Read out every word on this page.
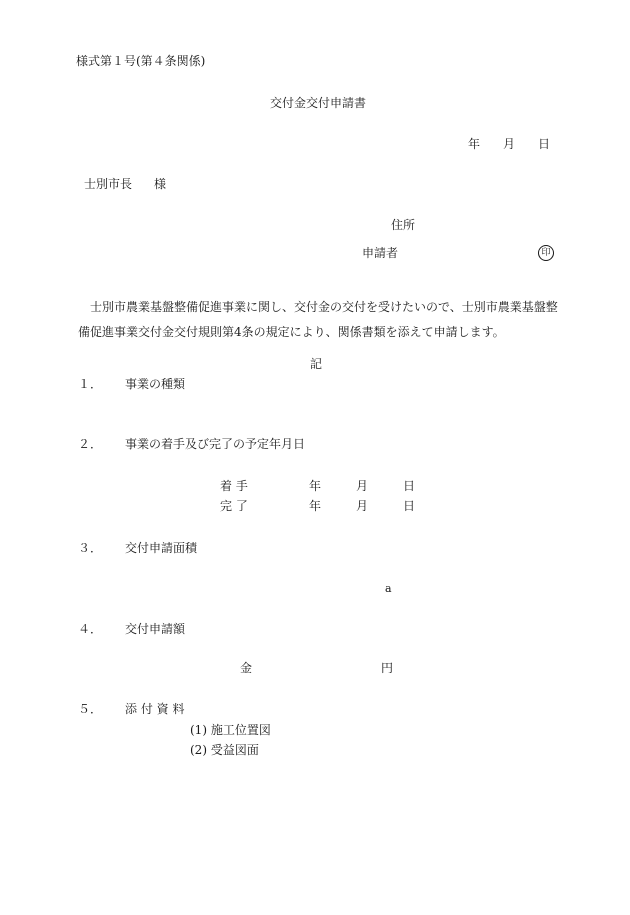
様式第１号(第４条関係)
交付金交付申請書
年 月 日
士別市長 様
住所
申請者	印
士別市農業基盤整備促進事業に関し、交付金の交付を受けたいので、士別市農業基盤整備促進事業交付金交付規則第4条の規定により、関係書類を添えて申請します。
記
１． 事業の種類
２． 事業の着手及び完了の予定年月日
着 手	年	月	日
完 了	年	月	日
３． 交付申請面積
a
４． 交付申請額
金	円
５． 添 付 資 料
(1) 施工位置図
(2) 受益図面
